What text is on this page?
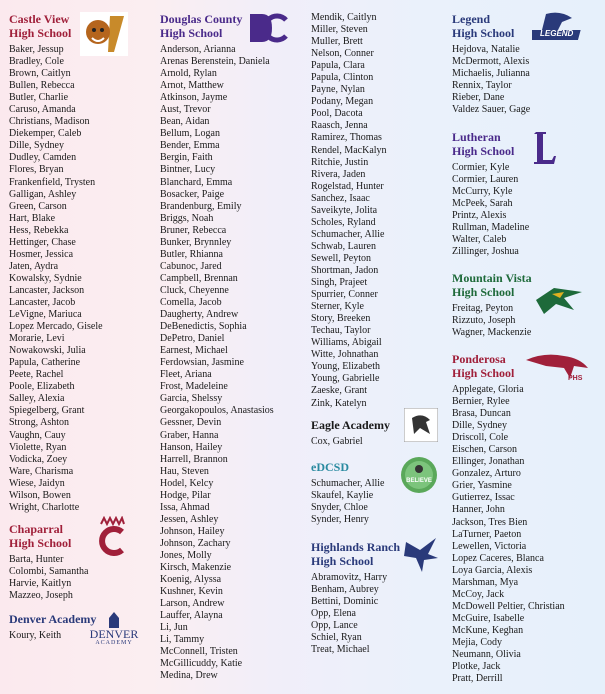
Castle View
High School
Baker, Jessup
Bradley, Cole
Brown, Caitlyn
Bullen, Rebecca
Butler, Charlie
Caruso, Amanda
Christians, Madison
Diekemper, Caleb
Dille, Sydney
Dudley, Camden
Flores, Bryan
Frankenfield, Trysten
Galligan, Ashley
Green, Carson
Hart, Blake
Hess, Rebekka
Hettinger, Chase
Hosmer, Jessica
Jaten, Aydra
Kowalsky, Sydnie
Lancaster, Jackson
Lancaster, Jacob
LeVigne, Mariuca
Lopez Mercado, Gisele
Morarie, Levi
Nowakowski, Julia
Papula, Catherine
Peete, Rachel
Poole, Elizabeth
Salley, Alexia
Spiegelberg, Grant
Strong, Ashton
Vaughn, Cauy
Violette, Ryan
Vodicka, Zoey
Ware, Charisma
Wiese, Jaidyn
Wilson, Bowen
Wright, Charlotte
Chaparral
High School
Barta, Hunter
Colombi, Samantha
Harvie, Kaitlyn
Mazzeo, Joseph
Denver Academy
Koury, Keith	DENVER
ACADEMY
Douglas County
High School
Anderson, Arianna
Arenas Berenstein, Daniela
Arnold, Rylan
Arnot, Matthew
Atkinson, Jayme
Aust, Trevor
Bean, Aidan
Bellum, Logan
Bender, Emma
Bergin, Faith
Bintner, Lucy
Blanchard, Emma
Bosacker, Paige
Brandenburg, Emily
Briggs, Noah
Bruner, Rebecca
Bunker, Brynnley
Butler, Rhianna
Cabunoc, Jared
Campbell, Brennan
Cluck, Cheyenne
Comella, Jacob
Daugherty, Andrew
DeBenedictis, Sophia
DePetro, Daniel
Earnest, Michael
Ferdowsian, Jasmine
Fleet, Ariana
Frost, Madeleine
Garcia, Shelssy
Georgakopoulos, Anastasios
Gessner, Devin
Graber, Hanna
Hanson, Hailey
Harrell, Brannon
Hau, Steven
Hodel, Kelcy
Hodge, Pilar
Issa, Ahmad
Jessen, Ashley
Johnson, Hailey
Johnson, Zachary
Jones, Molly
Kirsch, Makenzie
Koenig, Alyssa
Kushner, Kevin
Larson, Andrew
Lauffer, Alayna
Li, Jun
Li, Tammy
McConnell, Tristen
McGillicuddy, Katie
Medina, Drew
Mendik, Caitlyn
Miller, Steven
Muller, Brett
Nelson, Conner
Papula, Clara
Papula, Clinton
Payne, Nylan
Podany, Megan
Pool, Dacota
Raasch, Jenna
Ramirez, Thomas
Rendel, MacKalyn
Ritchie, Justin
Rivera, Jaden
Rogelstad, Hunter
Sanchez, Isaac
Saveikyte, Jolita
Scholes, Ryland
Schumacher, Allie
Schwab, Lauren
Sewell, Peyton
Shortman, Jadon
Singh, Prajeet
Spurrier, Conner
Sterner, Kyle
Story, Breeken
Techau, Taylor
Williams, Abigail
Witte, Johnathan
Young, Elizabeth
Young, Gabrielle
Zaeske, Grant
Zink, Katelyn
Eagle Academy
Cox, Gabriel
eDCSD
Schumacher, Allie
Skaufel, Kaylie
Snyder, Chloe
Synder, Henry
BELIEVE
Highlands Ranch
High School
Abramovitz, Harry
Benham, Aubrey
Bettini, Dominic
Opp, Elena
Opp, Lance
Schiel, Ryan
Treat, Michael
Legend
High School
Hejdova, Natalie
McDermott, Alexis
Michaelis, Julianna
Rennix, Taylor
Rieber, Dane
Valdez Sauer, Gage
LEGEND
Lutheran
High School
Cormier, Kyle
Cormier, Lauren
McCurry, Kyle
McPeek, Sarah
Printz, Alexis
Rullman, Madeline
Walter, Caleb
Zillinger, Joshua
Mountain Vista
High School
Freitag, Peyton
Rizzuto, Joseph
Wagner, Mackenzie
Ponderosa
High School
Applegate, Gloria
Bernier, Rylee
Brasa, Duncan
Dille, Sydney
Driscoll, Cole
Eischen, Carson
Ellinger, Jonathan
Gonzalez, Arturo
Grier, Yasmine
Gutierrez, Issac
Hanner, John
Jackson, Tres Bien
LaTurner, Paeton
Lewellen, Victoria
Lopez Caceres, Blanca
Loya Garcia, Alexis
Marshman, Mya
McCoy, Jack
McDowell Peltier, Christian
McGuire, Isabelle
McKune, Keghan
Mejia, Cody
Neumann, Olivia
Plotke, Jack
Pratt, Derrill
PHS
